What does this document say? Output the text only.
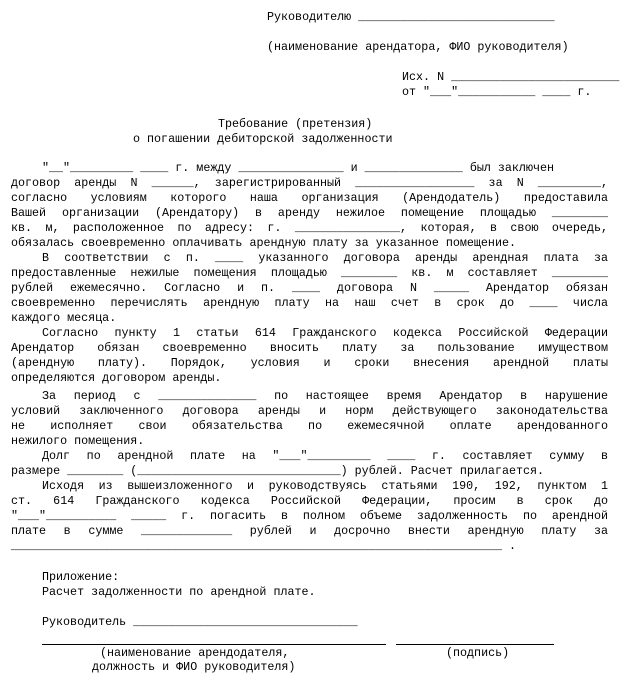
Руководителю ____________________________
(наименование арендатора, ФИО руководителя)
Исх. N ________________________
от "___"___________ ____ г.
Требование (претензия)
о погашении дебиторской задолженности
"__"_________ ____ г. между _______________ и ______________ был заключен
договор аренды N ______, зарегистрированный _________________ за N _________,
согласно условиям которого наша организация (Арендодатель) предоставила
Вашей организации (Арендатору) в аренду нежилое помещение площадью ________
кв. м, расположенное по адресу: г. _______________, которая, в свою очередь,
обязалась своевременно оплачивать арендную плату за указанное помещение.
В соответствии с п. ____ указанного договора аренды арендная плата за
предоставленные нежилые помещения площадью ________ кв. м составляет ________
рублей ежемесячно. Согласно и п. ____ договора N _____ Арендатор обязан
своевременно перечислять арендную плату на наш счет в срок до ____ числа
каждого месяца.
Согласно пункту 1 статьи 614 Гражданского кодекса Российской Федерации
Арендатор обязан своевременно вносить плату за пользование имуществом
(арендную плату). Порядок, условия и сроки внесения арендной платы
определяются договором аренды.
За период с ______________ по настоящее время Арендатор в нарушение
условий заключенного договора аренды и норм действующего законодательства
не исполняет свои обязательства по ежемесячной оплате арендованного
нежилого помещения.
Долг по арендной плате на "___"_________ ____ г. составляет сумму в
размере ________ (_____________________________) рублей. Расчет прилагается.
Исходя из вышеизложенного и руководствуясь статьями 190, 192, пунктом 1
ст. 614 Гражданского кодекса Российской Федерации, просим в срок до
"___"__________ _____ г. погасить в полном объеме задолженность по арендной
плате в сумме _____________ рублей и досрочно внести арендную плату за
______________________________________________________________________ .
Приложение:
Расчет задолженности по арендной плате.
Руководитель ________________________________
(наименование арендодателя,	(подпись)
должность и ФИО руководителя)
